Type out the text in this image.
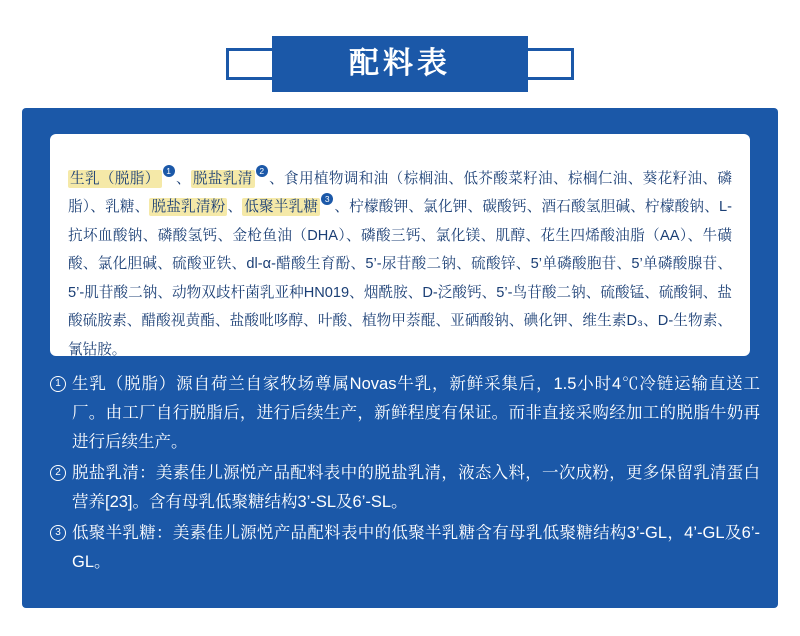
配料表

生乳（脱脂） 1 、 脱盐乳清 2 、食用植物调和油（棕榈油、低芥酸菜籽油、棕榈仁油、葵花籽油、磷脂）、乳糖、 脱盐乳清粉 、 低聚半乳糖 3 、柠檬酸钾、氯化钾、碳酸钙、酒石酸氢胆碱、柠檬酸钠、L-抗坏血酸钠、磷酸氢钙、金枪鱼油（DHA）、磷酸三钙、氯化镁、肌醇、花生四烯酸油脂（AA）、牛磺酸、氯化胆碱、硫酸亚铁、dl-α-醋酸生育酚、5’-尿苷酸二钠、硫酸锌、5’单磷酸胞苷、5’单磷酸腺苷、5’-肌苷酸二钠、动物双歧杆菌乳亚种HN019、烟酰胺、D-泛酸钙、5’-鸟苷酸二钠、硫酸锰、硫酸铜、盐酸硫胺素、醋酸视黄酯、盐酸吡哆醇、叶酸、植物甲萘醌、亚硒酸钠、碘化钾、维生素D₃、D-生物素、氰钴胺。

1 生乳（脱脂）源自荷兰自家牧场尊属Novas牛乳，新鲜采集后，1.5小时4℃冷链运输直送工厂。由工厂自行脱脂后，进行后续生产，新鲜程度有保证。而非直接采购经加工的脱脂牛奶再进行后续生产。
2 脱盐乳清：美素佳儿源悦产品配料表中的脱盐乳清，液态入料，一次成粉，更多保留乳清蛋白营养[23]。含有母乳低聚糖结构3’-SL及6’-SL。
3 低聚半乳糖：美素佳儿源悦产品配料表中的低聚半乳糖含有母乳低聚糖结构3’-GL，4’-GL及6’-GL。
